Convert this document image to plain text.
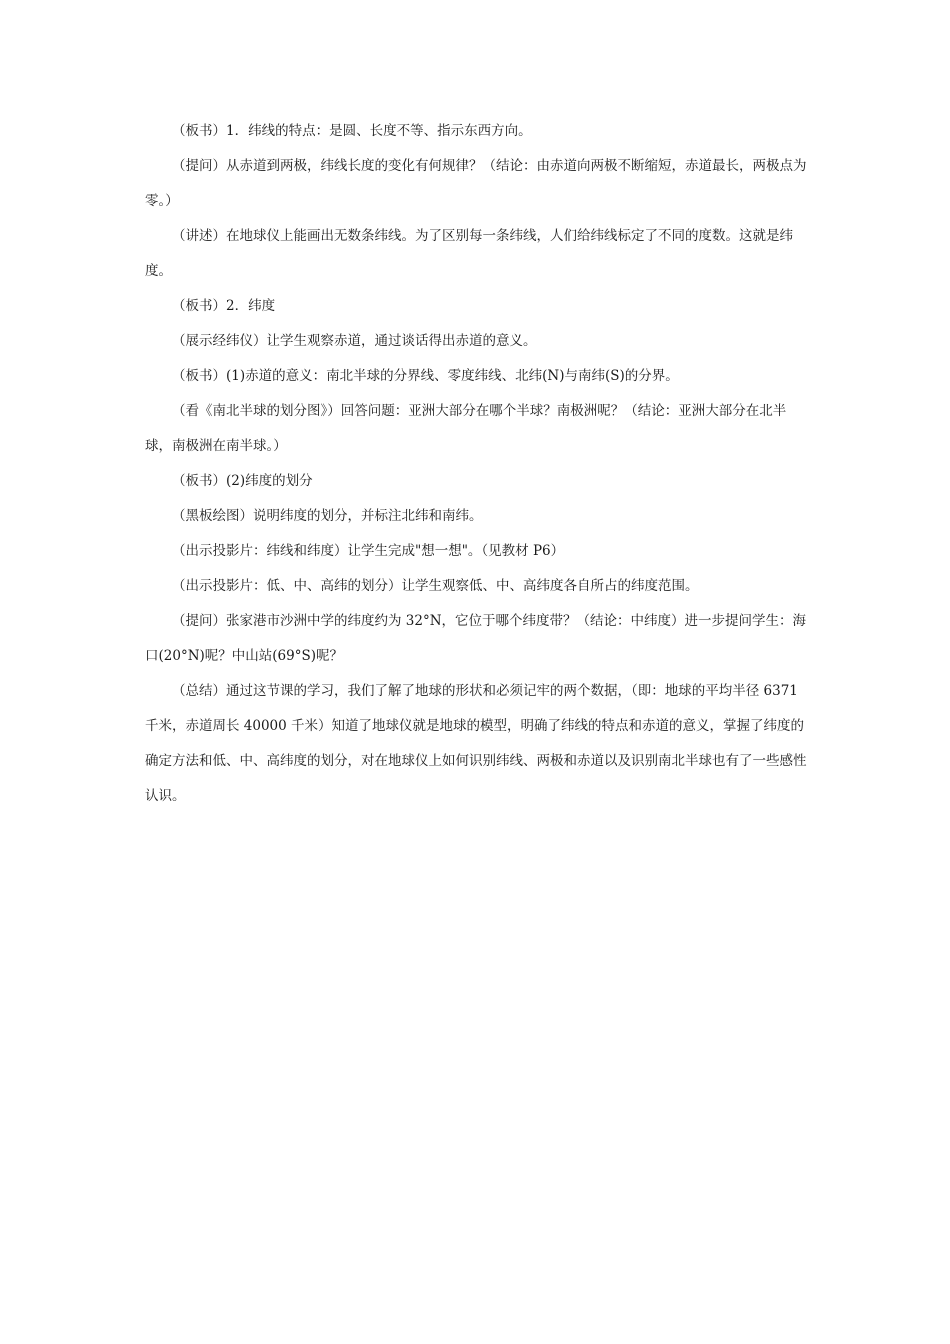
（板书）1．纬线的特点：是圆、长度不等、指示东西方向。

（提问）从赤道到两极，纬线长度的变化有何规律？（结论：由赤道向两极不断缩短，赤道最长，两极点为零。）

（讲述）在地球仪上能画出无数条纬线。为了区别每一条纬线，人们给纬线标定了不同的度数。这就是纬度。

（板书）2．纬度

（展示经纬仪）让学生观察赤道，通过谈话得出赤道的意义。

（板书）(1)赤道的意义：南北半球的分界线、零度纬线、北纬(N)与南纬(S)的分界。

（看《南北半球的划分图》）回答问题：亚洲大部分在哪个半球？南极洲呢？（结论：亚洲大部分在北半球，南极洲在南半球。）

（板书）(2)纬度的划分

（黑板绘图）说明纬度的划分，并标注北纬和南纬。

（出示投影片：纬线和纬度）让学生完成"想一想"。（见教材 P6）

（出示投影片：低、中、高纬的划分）让学生观察低、中、高纬度各自所占的纬度范围。

（提问）张家港市沙洲中学的纬度约为 32°N，它位于哪个纬度带？（结论：中纬度）进一步提问学生：海口(20°N)呢？中山站(69°S)呢？

（总结）通过这节课的学习，我们了解了地球的形状和必须记牢的两个数据，（即：地球的平均半径 6371 千米，赤道周长 40000 千米）知道了地球仪就是地球的模型，明确了纬线的特点和赤道的意义，掌握了纬度的确定方法和低、中、高纬度的划分，对在地球仪上如何识别纬线、两极和赤道以及识别南北半球也有了一些感性认识。
